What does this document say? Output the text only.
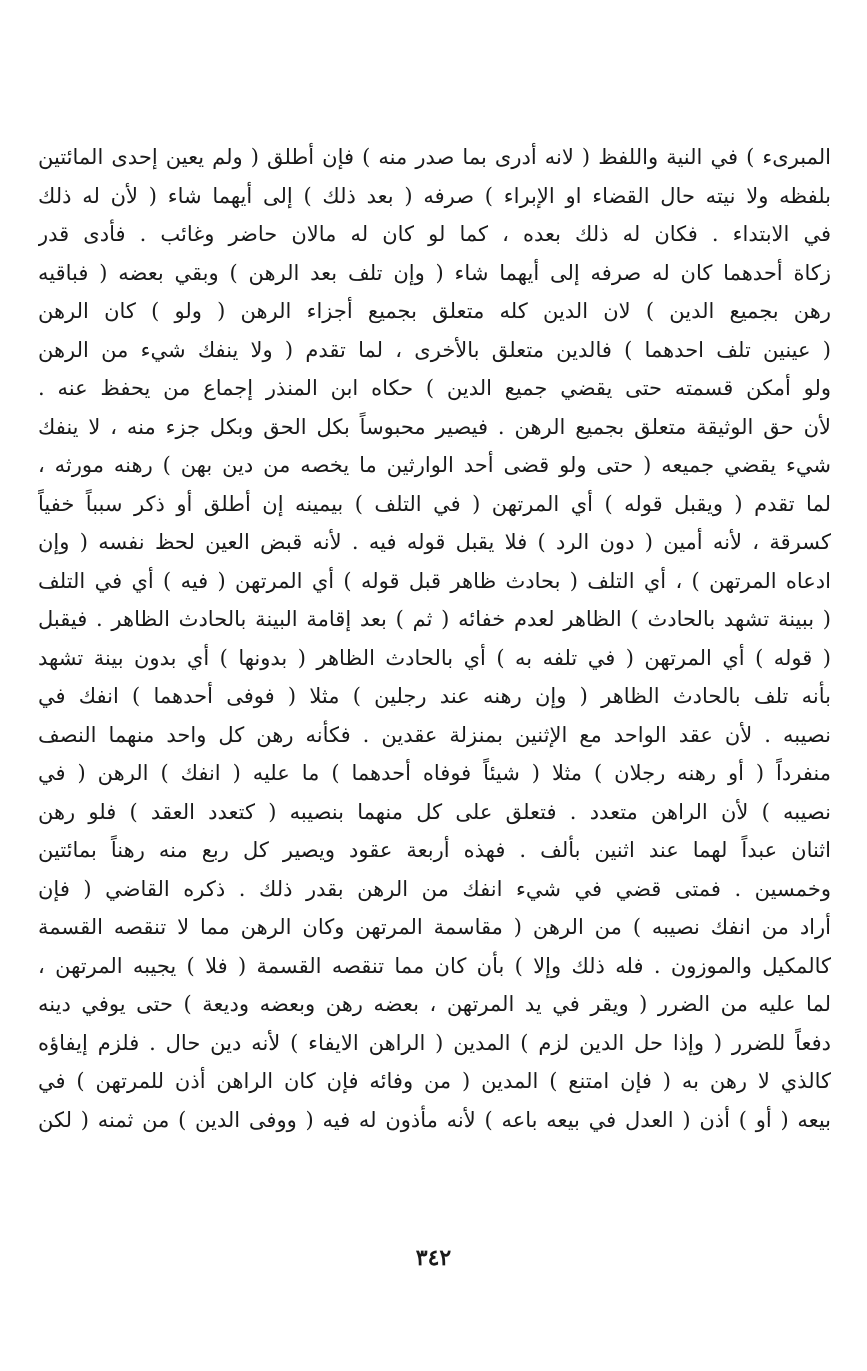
المبرىء ) في النية واللفظ ( لانه أدرى بما صدر منه ) فإن أطلق ( ولم يعين إحدى المائتين
بلفظه ولا نيته حال القضاء او الإبراء ) صرفه ( بعد ذلك ) إلى أيهما شاء ( لأن له ذلك
في الابتداء . فكان له ذلك بعده ، كما لو كان له مالان حاضر وغائب . فأدى قدر
زكاة أحدهما كان له صرفه إلى أيهما شاء ( وإن تلف بعد الرهن ) وبقي بعضه ( فباقيه
رهن بجميع الدين ) لان الدين كله متعلق بجميع أجزاء الرهن ( ولو ) كان الرهن
( عينين تلف احدهما ) فالدين متعلق بالأخرى ، لما تقدم ( ولا ينفك شيء من الرهن
ولو أمكن قسمته حتى يقضي جميع الدين ) حكاه ابن المنذر إجماع من يحفظ عنه .
لأن حق الوثيقة متعلق بجميع الرهن . فيصير محبوساً بكل الحق وبكل جزء منه ، لا ينفك
شيء يقضي جميعه ( حتى ولو قضى أحد الوارثين ما يخصه من دين بهن ) رهنه مورثه ،
لما تقدم ( ويقبل قوله ) أي المرتهن ( في التلف ) بيمينه إن أطلق أو ذكر سبباً خفياً
كسرقة ، لأنه أمين ( دون الرد ) فلا يقبل قوله فيه . لأنه قبض العين لحظ نفسه ( وإن
ادعاه المرتهن ) ، أي التلف ( بحادث ظاهر قبل قوله ) أي المرتهن ( فيه ) أي في التلف
( ببينة تشهد بالحادث ) الظاهر لعدم خفائه ( ثم ) بعد إقامة البينة بالحادث الظاهر . فيقبل
( قوله ) أي المرتهن ( في تلفه به ) أي بالحادث الظاهر ( بدونها ) أي بدون بينة تشهد
بأنه تلف بالحادث الظاهر ( وإن رهنه عند رجلين ) مثلا ( فوفى أحدهما ) انفك في
نصيبه . لأن عقد الواحد مع الإثنين بمنزلة عقدين . فكأنه رهن كل واحد منهما النصف
منفرداً ( أو رهنه رجلان ) مثلا ( شيئاً فوفاه أحدهما ) ما عليه ( انفك ) الرهن ( في
نصيبه ) لأن الراهن متعدد . فتعلق على كل منهما بنصيبه ( كتعدد العقد ) فلو رهن
اثنان عبداً لهما عند اثنين بألف . فهذه أربعة عقود ويصير كل ربع منه رهناً بمائتين
وخمسين . فمتى قضي في شيء انفك من الرهن بقدر ذلك . ذكره القاضي ( فإن
أراد من انفك نصيبه ) من الرهن ( مقاسمة المرتهن وكان الرهن مما لا تنقصه القسمة
كالمكيل والموزون . فله ذلك وإلا ) بأن كان مما تنقصه القسمة ( فلا ) يجيبه المرتهن ،
لما عليه من الضرر ( ويقر في يد المرتهن ، بعضه رهن وبعضه وديعة ) حتى يوفي دينه
دفعاً للضرر ( وإذا حل الدين لزم ) المدين ( الراهن الايفاء ) لأنه دين حال . فلزم إيفاؤه
كالذي لا رهن به ( فإن امتنع ) المدين ( من وفائه فإن كان الراهن أذن للمرتهن ) في
بيعه ( أو ) أذن ( العدل في بيعه باعه ) لأنه مأذون له فيه ( ووفى الدين ) من ثمنه ( لكن
٣٤٢
